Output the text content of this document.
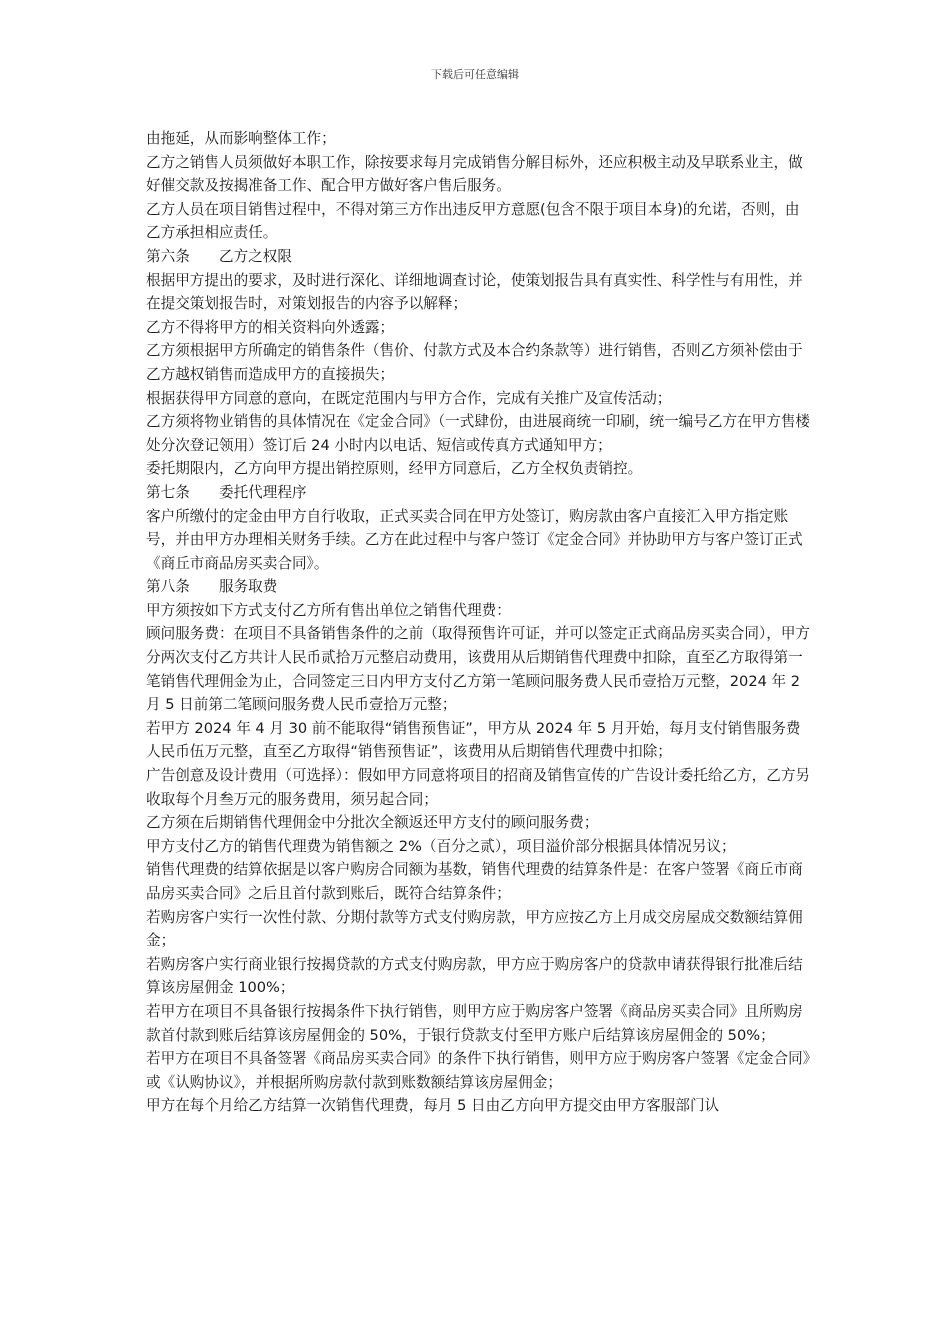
下载后可任意编辑

由拖延，从而影响整体工作；

乙方之销售人员须做好本职工作，除按要求每月完成销售分解目标外，还应积极主动及早联系业主，做好催交款及按揭准备工作、配合甲方做好客户售后服务。

乙方人员在项目销售过程中，不得对第三方作出违反甲方意愿(包含不限于项目本身)的允诺，否则，由乙方承担相应责任。

第六条　　乙方之权限

根据甲方提出的要求，及时进行深化、详细地调查讨论，使策划报告具有真实性、科学性与有用性，并在提交策划报告时，对策划报告的内容予以解释；

乙方不得将甲方的相关资料向外透露；

乙方须根据甲方所确定的销售条件（售价、付款方式及本合约条款等）进行销售，否则乙方须补偿由于乙方越权销售而造成甲方的直接损失；

根据获得甲方同意的意向，在既定范围内与甲方合作，完成有关推广及宣传活动；

乙方须将物业销售的具体情况在《定金合同》（一式肆份，由进展商统一印刷，统一编号乙方在甲方售楼处分次登记领用）签订后 24 小时内以电话、短信或传真方式通知甲方；

委托期限内，乙方向甲方提出销控原则，经甲方同意后，乙方全权负责销控。

第七条　　委托代理程序

客户所缴付的定金由甲方自行收取，正式买卖合同在甲方处签订，购房款由客户直接汇入甲方指定账号，并由甲方办理相关财务手续。乙方在此过程中与客户签订《定金合同》并协助甲方与客户签订正式《商丘市商品房买卖合同》。

第八条　　服务取费

甲方须按如下方式支付乙方所有售出单位之销售代理费：

顾问服务费：在项目不具备销售条件的之前（取得预售许可证，并可以签定正式商品房买卖合同），甲方分两次支付乙方共计人民币贰拾万元整启动费用，该费用从后期销售代理费中扣除，直至乙方取得第一笔销售代理佣金为止，合同签定三日内甲方支付乙方第一笔顾问服务费人民币壹拾万元整，2024 年 2 月 5 日前第二笔顾问服务费人民币壹拾万元整；

若甲方 2024 年 4 月 30 前不能取得“销售预售证”，甲方从 2024 年 5 月开始，每月支付销售服务费人民币伍万元整，直至乙方取得“销售预售证”，该费用从后期销售代理费中扣除；

广告创意及设计费用（可选择）：假如甲方同意将项目的招商及销售宣传的广告设计委托给乙方，乙方另收取每个月叁万元的服务费用，须另起合同；

乙方须在后期销售代理佣金中分批次全额返还甲方支付的顾问服务费；

甲方支付乙方的销售代理费为销售额之 2%（百分之贰），项目溢价部分根据具体情况另议；

销售代理费的结算依据是以客户购房合同额为基数，销售代理费的结算条件是：在客户签署《商丘市商品房买卖合同》之后且首付款到账后，既符合结算条件；

若购房客户实行一次性付款、分期付款等方式支付购房款，甲方应按乙方上月成交房屋成交数额结算佣金；

若购房客户实行商业银行按揭贷款的方式支付购房款，甲方应于购房客户的贷款申请获得银行批准后结算该房屋佣金 100%；

若甲方在项目不具备银行按揭条件下执行销售，则甲方应于购房客户签署《商品房买卖合同》且所购房款首付款到账后结算该房屋佣金的 50%，于银行贷款支付至甲方账户后结算该房屋佣金的 50%；

若甲方在项目不具备签署《商品房买卖合同》的条件下执行销售，则甲方应于购房客户签署《定金合同》或《认购协议》，并根据所购房款付款到账数额结算该房屋佣金；

甲方在每个月给乙方结算一次销售代理费，每月 5 日由乙方向甲方提交由甲方客服部门认
